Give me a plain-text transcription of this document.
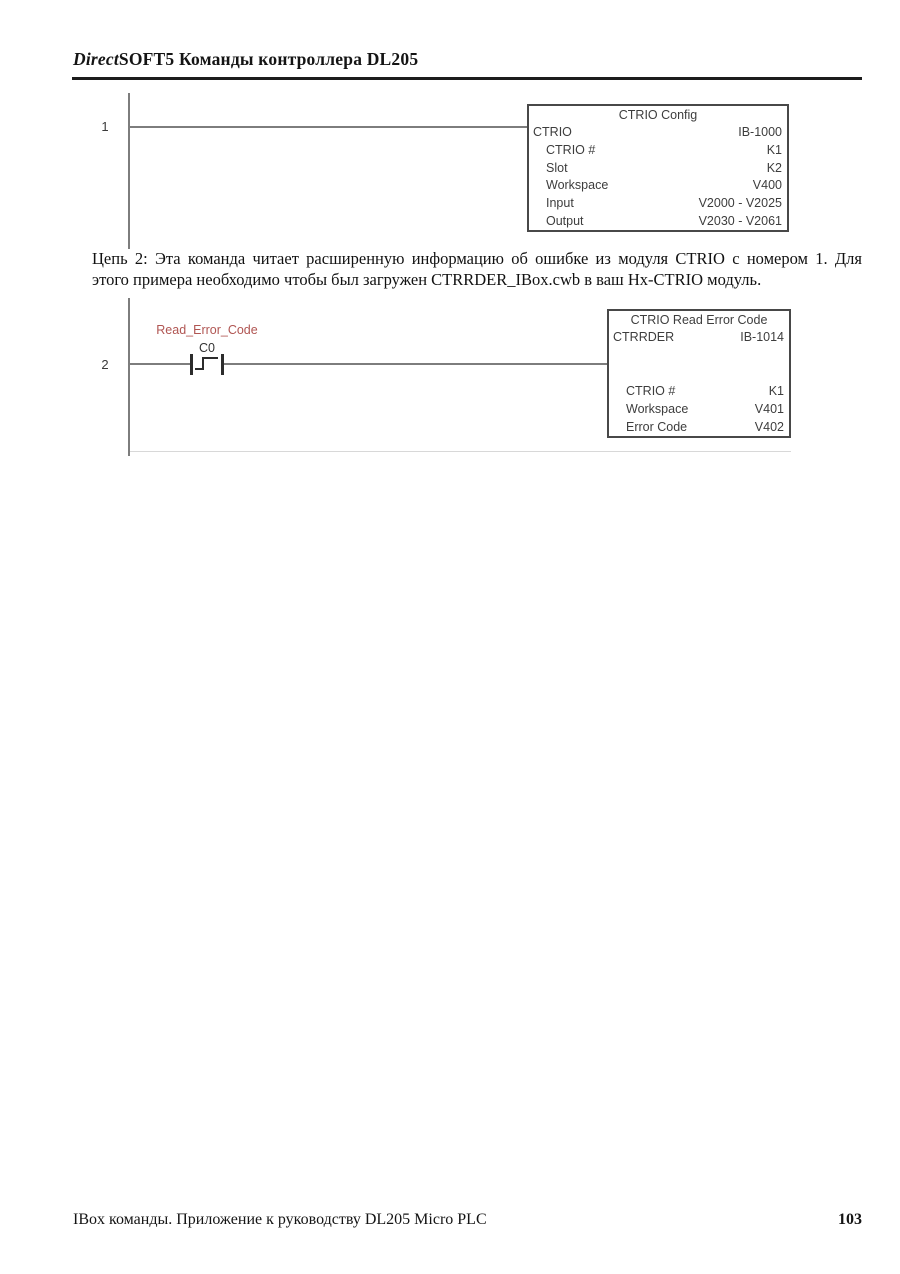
DirectSOFT5 Команды контроллера DL205
1
CTRIO Config
CTRIO	IB-1000
CTRIO #	K1
Slot	K2
Workspace	V400
Input	V2000 - V2025
Output	V2030 - V2061
Цепь 2: Эта команда читает расширенную информацию об ошибке из модуля CTRIO с номером 1. Для
этого примера необходимо чтобы был загружен CTRRDER_IBox.cwb в ваш Hx-CTRIO модуль.
2
Read_Error_Code
C0
CTRIO Read Error Code
CTRRDER	IB-1014
CTRIO #	K1
Workspace	V401
Error Code	V402
IBox команды. Приложение к руководству DL205 Micro PLC	103
